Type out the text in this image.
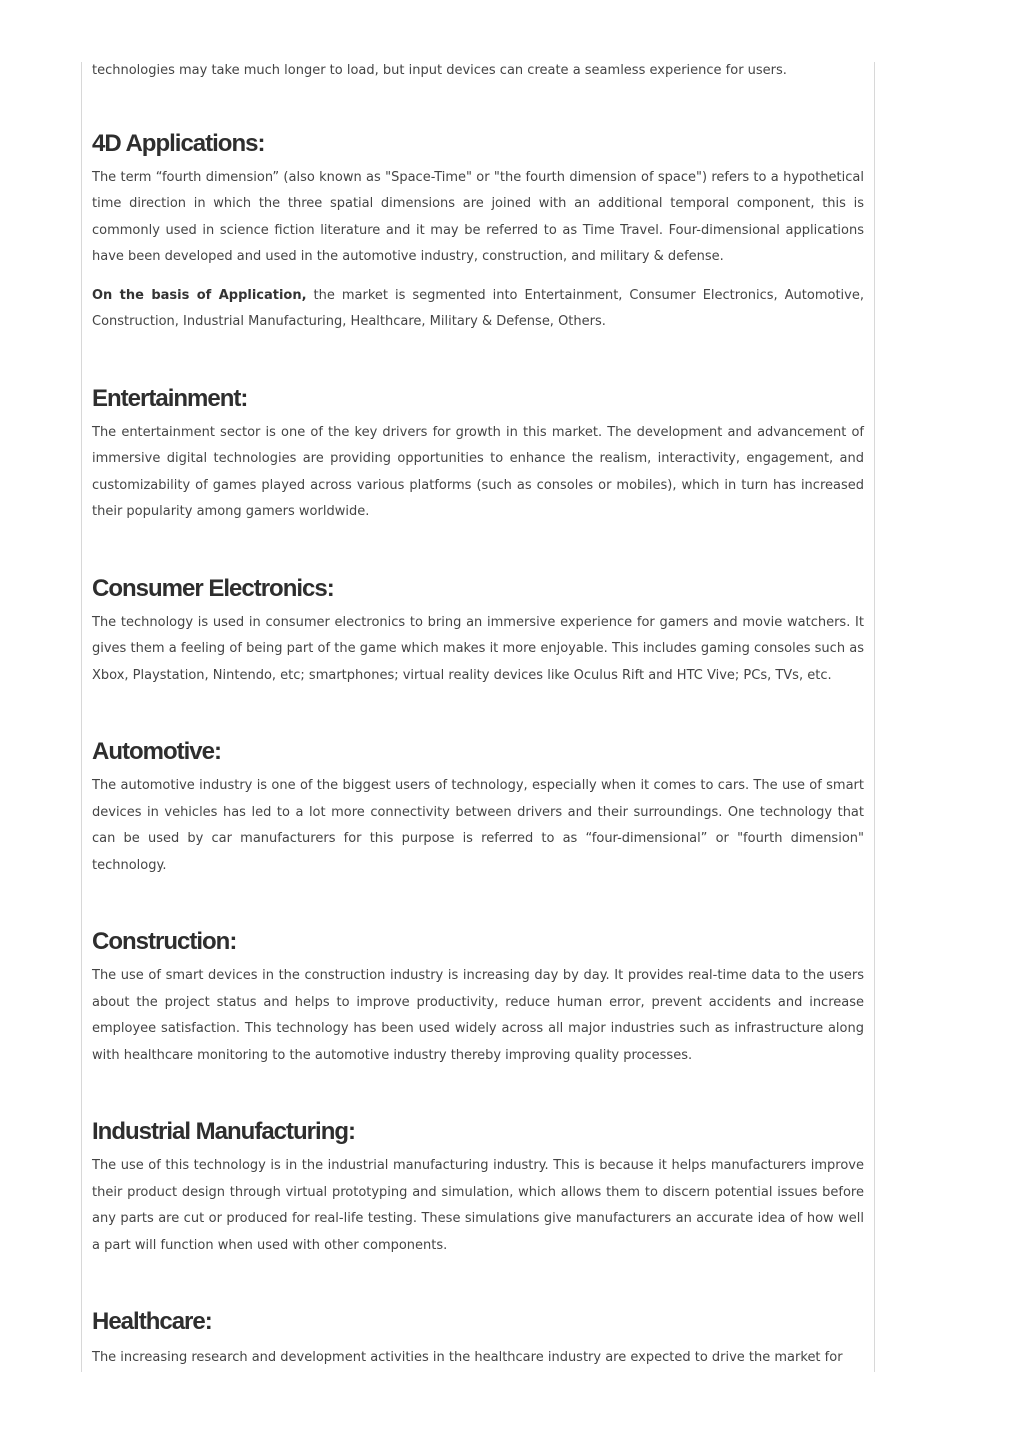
technologies may take much longer to load, but input devices can create a seamless experience for users.

4D Applications:

The term “fourth dimension” (also known as "Space-Time" or "the fourth dimension of space") refers to a hypothetical time direction in which the three spatial dimensions are joined with an additional temporal component, this is commonly used in science fiction literature and it may be referred to as Time Travel. Four-dimensional applications have been developed and used in the automotive industry, construction, and military & defense.

On the basis of Application, the market is segmented into Entertainment, Consumer Electronics, Automotive, Construction, Industrial Manufacturing, Healthcare, Military & Defense, Others.

Entertainment:

The entertainment sector is one of the key drivers for growth in this market. The development and advancement of immersive digital technologies are providing opportunities to enhance the realism, interactivity, engagement, and customizability of games played across various platforms (such as consoles or mobiles), which in turn has increased their popularity among gamers worldwide.

Consumer Electronics:

The technology is used in consumer electronics to bring an immersive experience for gamers and movie watchers. It gives them a feeling of being part of the game which makes it more enjoyable. This includes gaming consoles such as Xbox, Playstation, Nintendo, etc; smartphones; virtual reality devices like Oculus Rift and HTC Vive; PCs, TVs, etc.

Automotive:

The automotive industry is one of the biggest users of technology, especially when it comes to cars. The use of smart devices in vehicles has led to a lot more connectivity between drivers and their surroundings. One technology that can be used by car manufacturers for this purpose is referred to as “four-dimensional” or "fourth dimension" technology.

Construction:

The use of smart devices in the construction industry is increasing day by day. It provides real-time data to the users about the project status and helps to improve productivity, reduce human error, prevent accidents and increase employee satisfaction. This technology has been used widely across all major industries such as infrastructure along with healthcare monitoring to the automotive industry thereby improving quality processes.

Industrial Manufacturing:

The use of this technology is in the industrial manufacturing industry. This is because it helps manufacturers improve their product design through virtual prototyping and simulation, which allows them to discern potential issues before any parts are cut or produced for real-life testing. These simulations give manufacturers an accurate idea of how well a part will function when used with other components.

Healthcare:

The increasing research and development activities in the healthcare industry are expected to drive the market for
